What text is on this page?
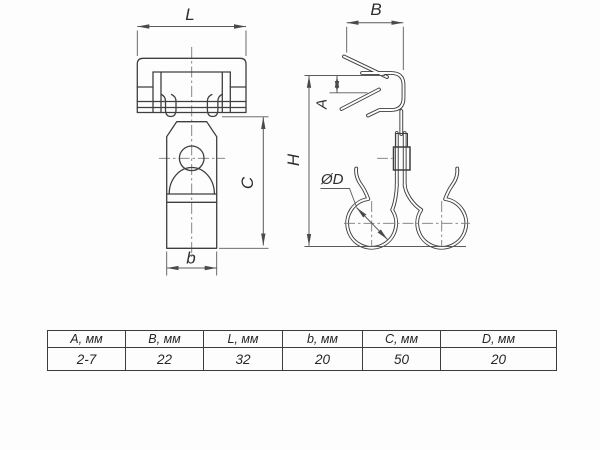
L
C
b
B
H
A
ØD
A, мм	B, мм	L, мм	b, мм	C, мм	D, мм
2-7	22	32	20	50	20
